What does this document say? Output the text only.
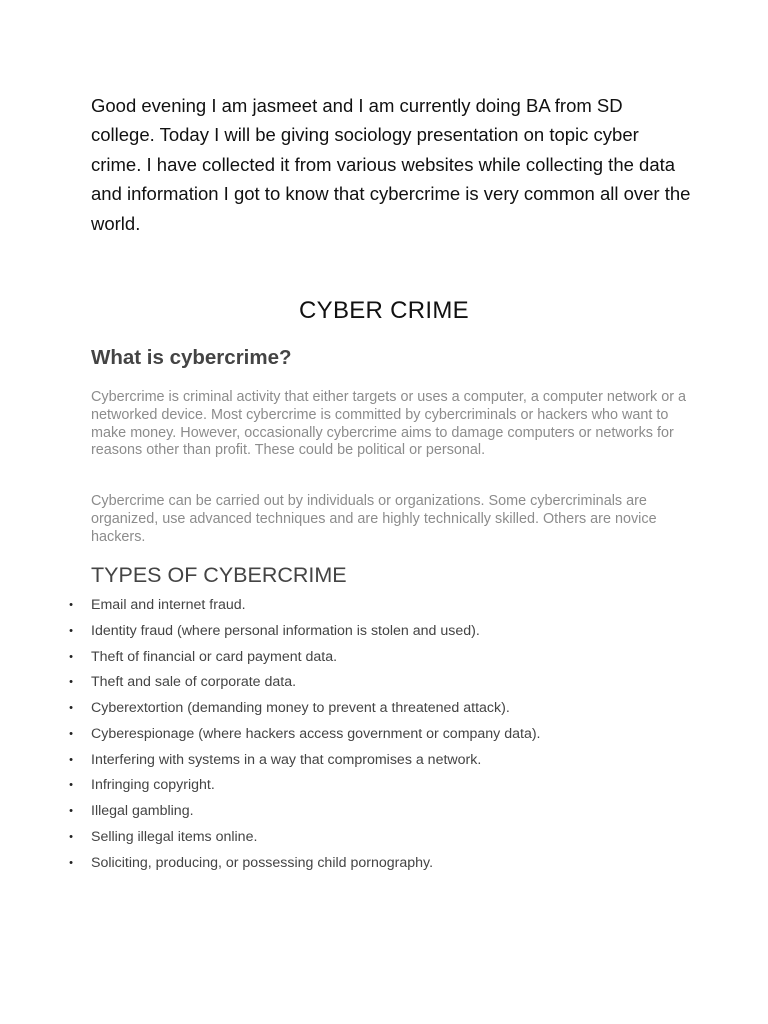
Good evening I am jasmeet and I am currently doing BA from SD college. Today I will be giving sociology presentation on topic cyber crime. I have collected it from various websites while collecting the data and information I got to know that cybercrime is very common all over the world.

CYBER CRIME
What is cybercrime?

Cybercrime is criminal activity that either targets or uses a computer, a computer network or a networked device. Most cybercrime is committed by cybercriminals or hackers who want to make money. However, occasionally cybercrime aims to damage computers or networks for reasons other than profit. These could be political or personal.

Cybercrime can be carried out by individuals or organizations. Some cybercriminals are organized, use advanced techniques and are highly technically skilled. Others are novice hackers.

TYPES OF CYBERCRIME
• Email and internet fraud.
• Identity fraud (where personal information is stolen and used).
• Theft of financial or card payment data.
• Theft and sale of corporate data.
• Cyberextortion (demanding money to prevent a threatened attack).
• Cyberespionage (where hackers access government or company data).
• Interfering with systems in a way that compromises a network.
• Infringing copyright.
• Illegal gambling.
• Selling illegal items online.
• Soliciting, producing, or possessing child pornography.
